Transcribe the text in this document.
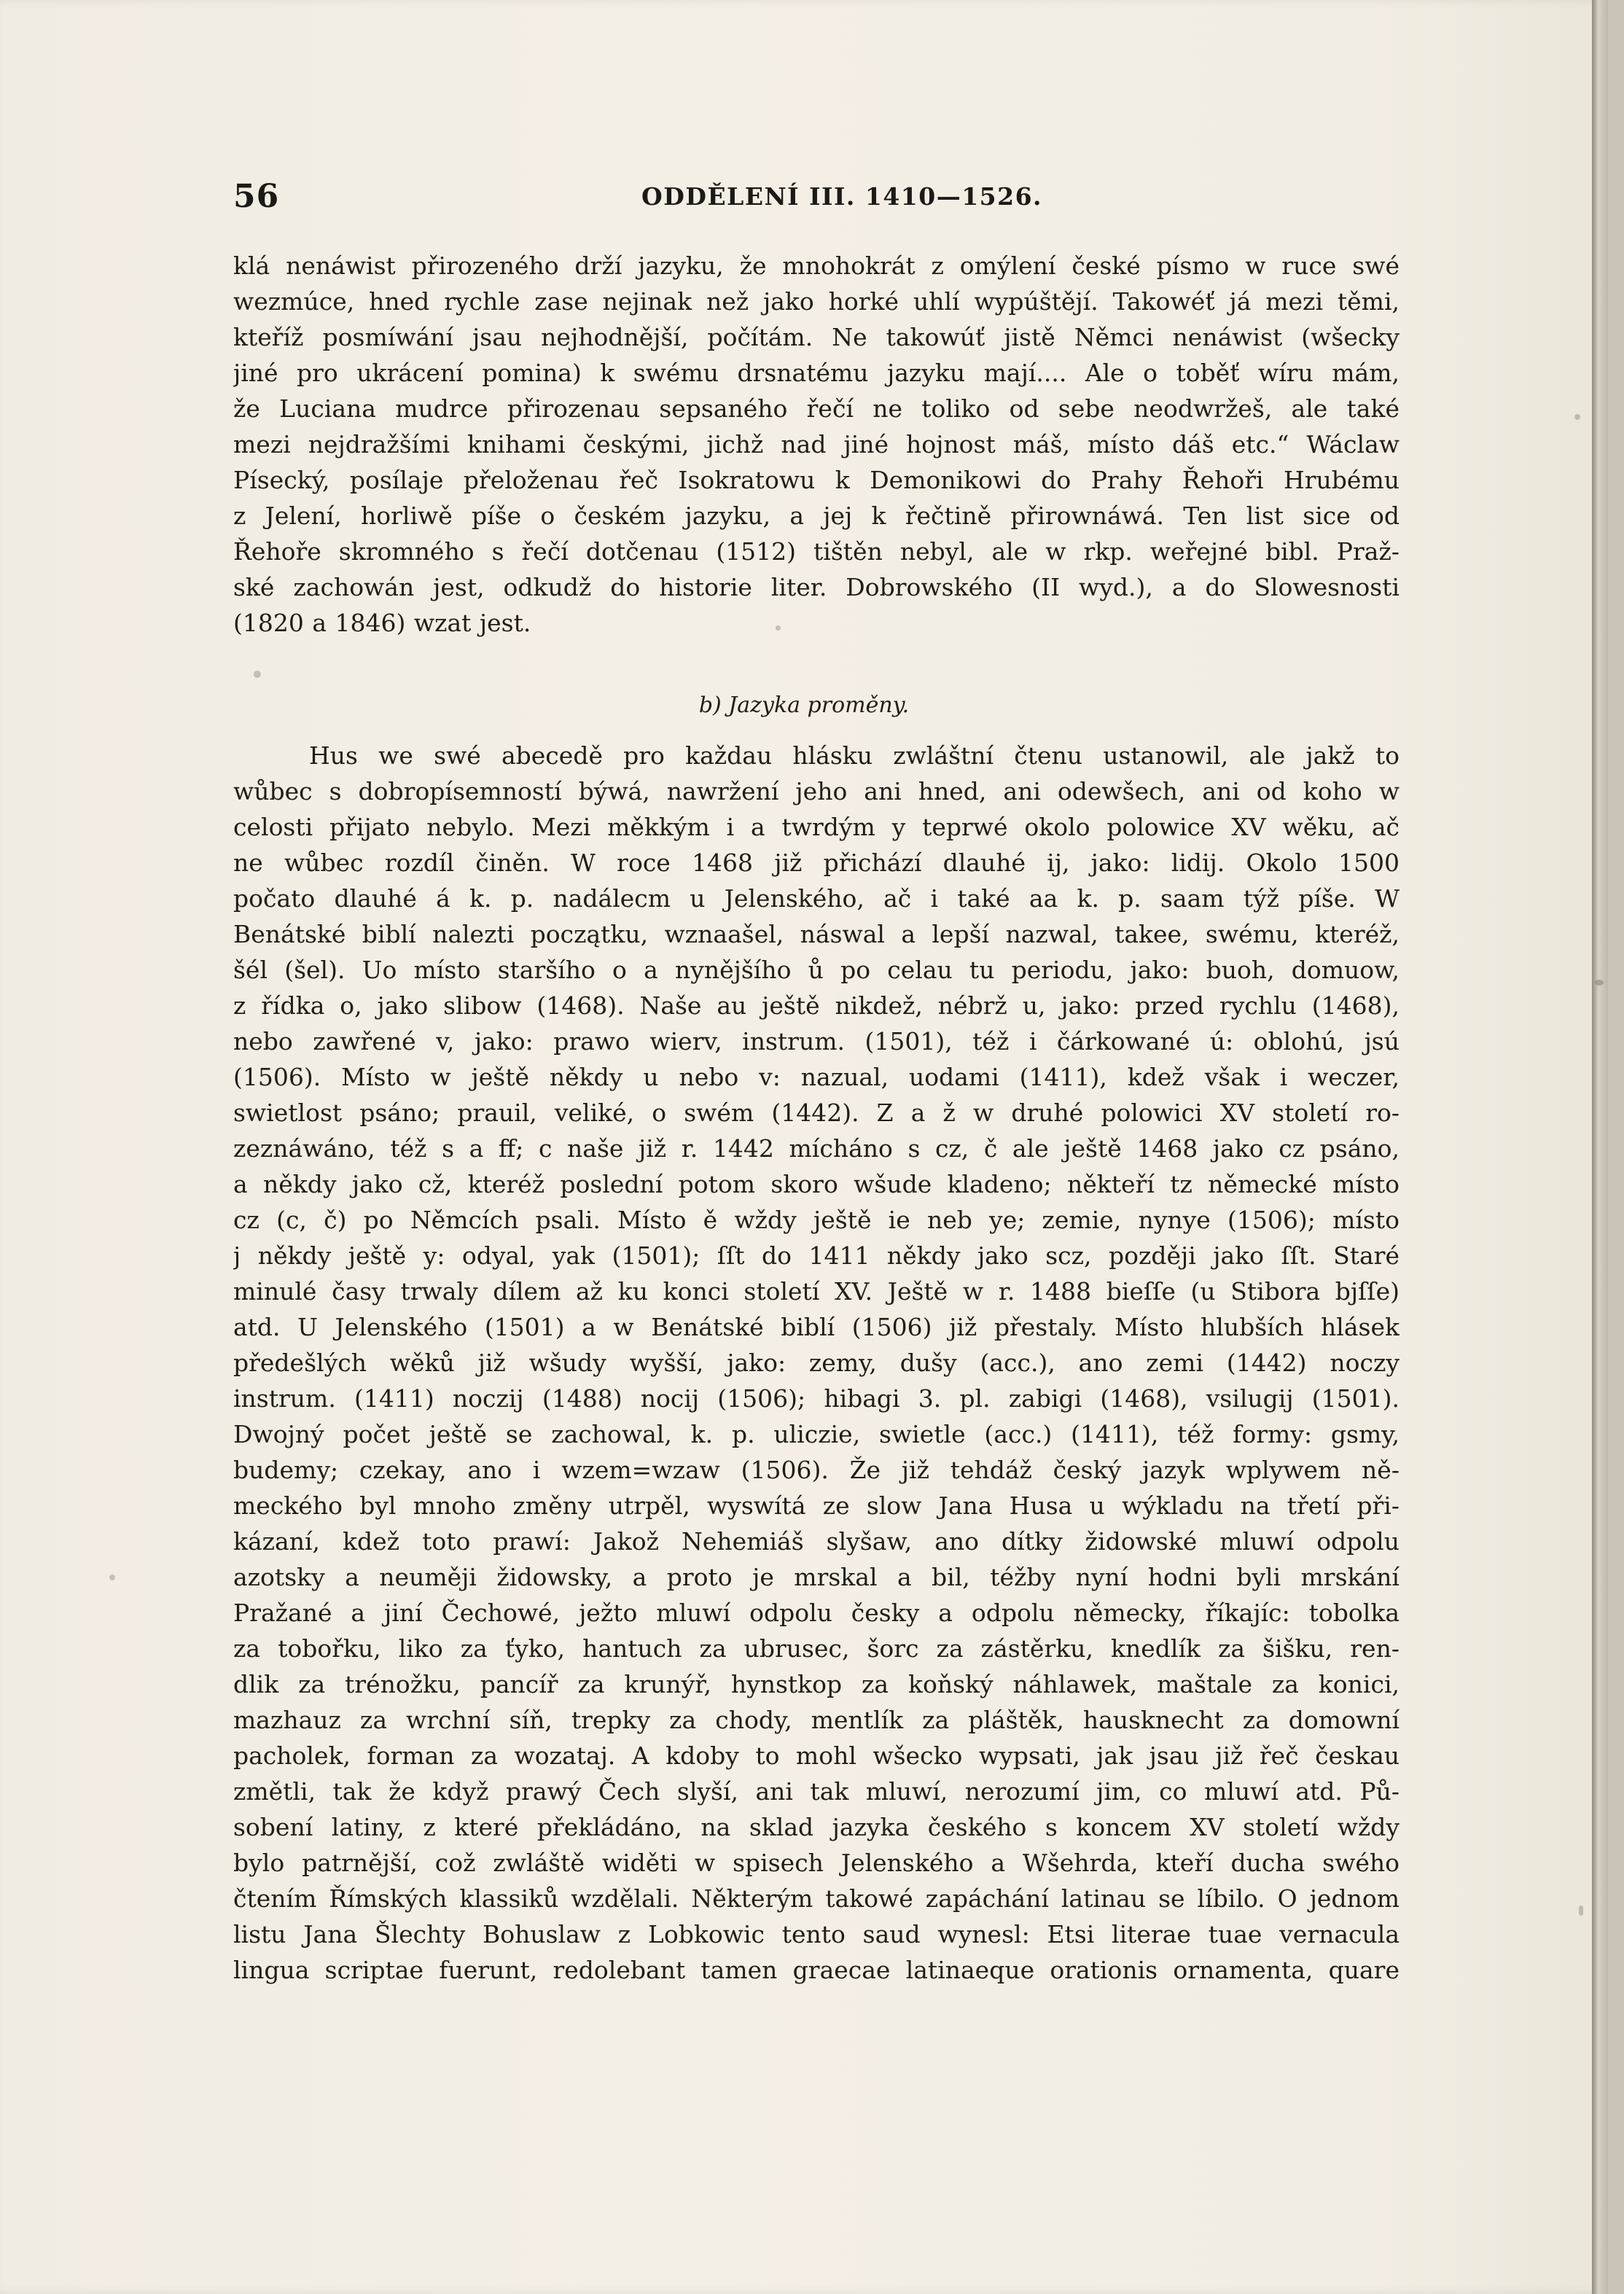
56	ODDĚLENÍ III. 1410—1526.
klá nenáwist přirozeného drží jazyku, že mnohokrát z omýlení české písmo w ruce swé
wezmúce, hned rychle zase nejinak než jako horké uhlí wypúštějí. Takowéť já mezi těmi,
kteříž posmíwání jsau nejhodnější, počítám. Ne takowúť jistě Němci nenáwist (wšecky
jiné pro ukrácení pomina) k swému drsnatému jazyku mají.... Ale o toběť wíru mám,
že Luciana mudrce přirozenau sepsaného řečí ne toliko od sebe neodwržeš, ale také
mezi nejdražšími knihami českými, jichž nad jiné hojnost máš, místo dáš etc.“ Wáclaw
Písecký, posílaje přeloženau řeč Isokratowu k Demonikowi do Prahy Řehoři Hrubému
z Jelení, horliwě píše o českém jazyku, a jej k řečtině přirownáwá. Ten list sice od
Řehoře skromného s řečí dotčenau (1512) tištěn nebyl, ale w rkp. weřejné bibl. Praž-
ské zachowán jest, odkudž do historie liter. Dobrowského (II wyd.), a do Slowesnosti
(1820 a 1846) wzat jest.
b) Jazyka proměny.
Hus we swé abecedě pro každau hlásku zwláštní čtenu ustanowil, ale jakž to
wůbec s dobropísemností býwá, nawržení jeho ani hned, ani odewšech, ani od koho w
celosti přijato nebylo. Mezi měkkým i a twrdým y teprwé okolo polowice XV wěku, ač
ne wůbec rozdíl činěn. W roce 1468 již přichází dlauhé ij, jako: lidij. Okolo 1500
počato dlauhé á k. p. nadálecm u Jelenského, ač i také aa k. p. saam týž píše. W
Benátské biblí nalezti początku, wznaašel, náswal a lepší nazwal, takee, swému, kteréž,
šél (šel). Uo místo staršího o a nynějšího ů po celau tu periodu, jako: buoh, domuow,
z řídka o, jako slibow (1468). Naše au ještě nikdež, nébrž u, jako: przed rychlu (1468),
nebo zawřené v, jako: prawo wierv, instrum. (1501), též i čárkowané ú: oblohú, jsú
(1506). Místo w ještě někdy u nebo v: nazual, uodami (1411), kdež však i weczer,
swietlost psáno; prauil, veliké, o swém (1442). Z a ž w druhé polowici XV století ro-
zeznáwáno, též s a ff; c naše již r. 1442 mícháno s cz, č ale ještě 1468 jako cz psáno,
a někdy jako cž, kteréž poslední potom skoro wšude kladeno; někteří tz německé místo
cz (c, č) po Němcích psali. Místo ě wždy ještě ie neb ye; zemie, nynye (1506); místo
j někdy ještě y: odyal, yak (1501); ſſt do 1411 někdy jako scz, později jako ſſt. Staré
minulé časy trwaly dílem až ku konci století XV. Ještě w r. 1488 bieſſe (u Stibora bjſſe)
atd. U Jelenského (1501) a w Benátské biblí (1506) již přestaly. Místo hlubších hlásek
předešlých wěků již wšudy wyšší, jako: zemy, dušy (acc.), ano zemi (1442) noczy
instrum. (1411) noczij (1488) nocij (1506); hibagi 3. pl. zabigi (1468), vsilugij (1501).
Dwojný počet ještě se zachowal, k. p. uliczie, swietle (acc.) (1411), též formy: gsmy,
budemy; czekay, ano i wzem=wzaw (1506). Že již tehdáž český jazyk wplywem ně-
meckého byl mnoho změny utrpěl, wyswítá ze slow Jana Husa u wýkladu na třetí při-
kázaní, kdež toto prawí: Jakož Nehemiáš slyšaw, ano dítky židowské mluwí odpolu
azotsky a neuměji židowsky, a proto je mrskal a bil, téžby nyní hodni byli mrskání
Pražané a jiní Čechowé, ježto mluwí odpolu česky a odpolu německy, říkajíc: tobolka
za tobořku, liko za ťyko, hantuch za ubrusec, šorc za zástěrku, knedlík za šišku, ren-
dlik za trénožku, pancíř za krunýř, hynstkop za koňský náhlawek, maštale za konici,
mazhauz za wrchní síň, trepky za chody, mentlík za pláštěk, hausknecht za domowní
pacholek, forman za wozataj. A kdoby to mohl wšecko wypsati, jak jsau již řeč českau
změtli, tak že když prawý Čech slyší, ani tak mluwí, nerozumí jim, co mluwí atd. Pů-
sobení latiny, z které překládáno, na sklad jazyka českého s koncem XV století wždy
bylo patrnější, což zwláště widěti w spisech Jelenského a Wšehrda, kteří ducha swého
čtením Římských klassiků wzdělali. Některým takowé zapáchání latinau se líbilo. O jednom
listu Jana Šlechty Bohuslaw z Lobkowic tento saud wynesl: Etsi literae tuae vernacula
lingua scriptae fuerunt, redolebant tamen graecae latinaeque orationis ornamenta, quare
